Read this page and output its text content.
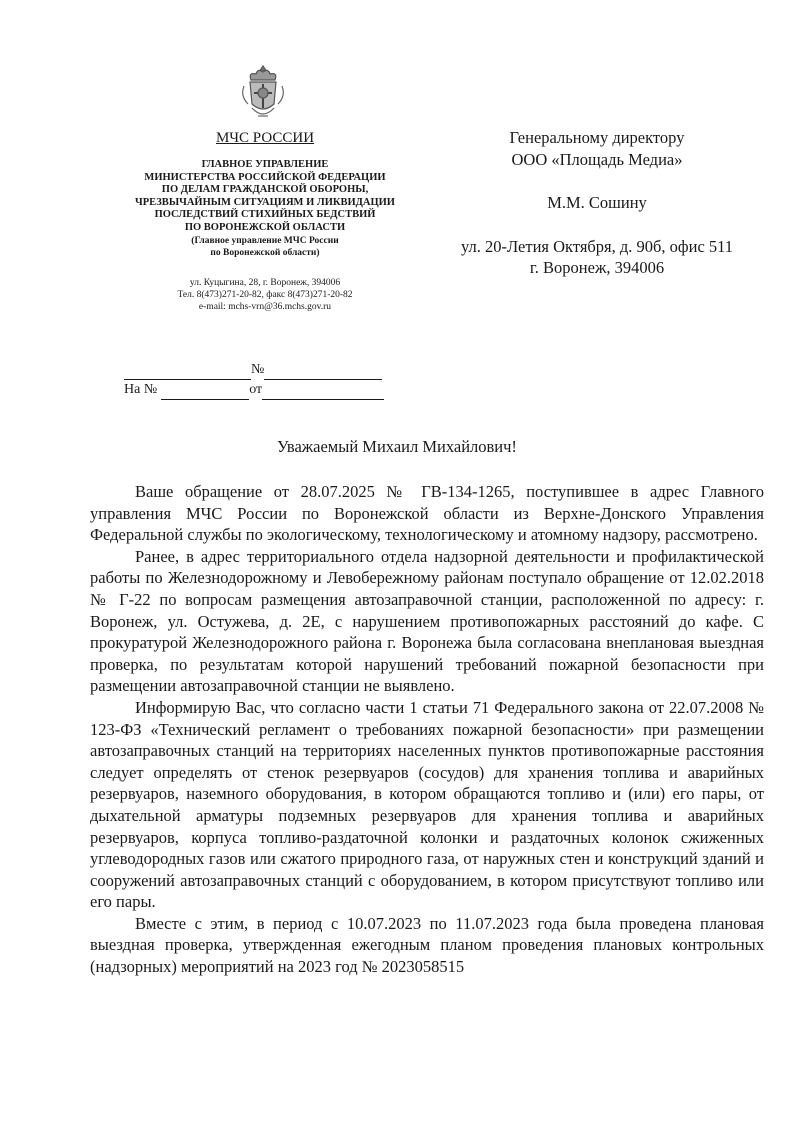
МЧС РОССИИ
ГЛАВНОЕ УПРАВЛЕНИЕ
МИНИСТЕРСТВА РОССИЙСКОЙ ФЕДЕРАЦИИ
ПО ДЕЛАМ ГРАЖДАНСКОЙ ОБОРОНЫ,
ЧРЕЗВЫЧАЙНЫМ СИТУАЦИЯМ И ЛИКВИДАЦИИ
ПОСЛЕДСТВИЙ СТИХИЙНЫХ БЕДСТВИЙ
ПО ВОРОНЕЖСКОЙ ОБЛАСТИ
(Главное управление МЧС России
по Воронежской области)
ул. Куцыгина, 28, г. Воронеж, 394006
Тел. 8(473)271-20-82, факс 8(473)271-20-82
e-mail: mchs-vrn@36.mchs.gov.ru
№
На №	от
Генеральному директору
ООО «Площадь Медиа»
М.М. Сошину
ул. 20-Летия Октября, д. 90б, офис 511
г. Воронеж, 394006
Уважаемый Михаил Михайлович!

Ваше обращение от 28.07.2025 № ГВ-134-1265, поступившее в адрес Главного управления МЧС России по Воронежской области из Верхне-Донского Управления Федеральной службы по экологическому, технологическому и атомному надзору, рассмотрено.

Ранее, в адрес территориального отдела надзорной деятельности и профилактической работы по Железнодорожному и Левобережному районам поступало обращение от 12.02.2018 № Г-22 по вопросам размещения автозаправочной станции, расположенной по адресу: г. Воронеж, ул. Остужева, д. 2Е, с нарушением противопожарных расстояний до кафе. С прокуратурой Железнодорожного района г. Воронежа была согласована внеплановая выездная проверка, по результатам которой нарушений требований пожарной безопасности при размещении автозаправочной станции не выявлено.

Информирую Вас, что согласно части 1 статьи 71 Федерального закона от 22.07.2008 № 123-ФЗ «Технический регламент о требованиях пожарной безопасности» при размещении автозаправочных станций на территориях населенных пунктов противопожарные расстояния следует определять от стенок резервуаров (сосудов) для хранения топлива и аварийных резервуаров, наземного оборудования, в котором обращаются топливо и (или) его пары, от дыхательной арматуры подземных резервуаров для хранения топлива и аварийных резервуаров, корпуса топливо-раздаточной колонки и раздаточных колонок сжиженных углеводородных газов или сжатого природного газа, от наружных стен и конструкций зданий и сооружений автозаправочных станций с оборудованием, в котором присутствуют топливо или его пары.

Вместе с этим, в период с 10.07.2023 по 11.07.2023 года была проведена плановая выездная проверка, утвержденная ежегодным планом проведения плановых контрольных (надзорных) мероприятий на 2023 год № 2023058515
